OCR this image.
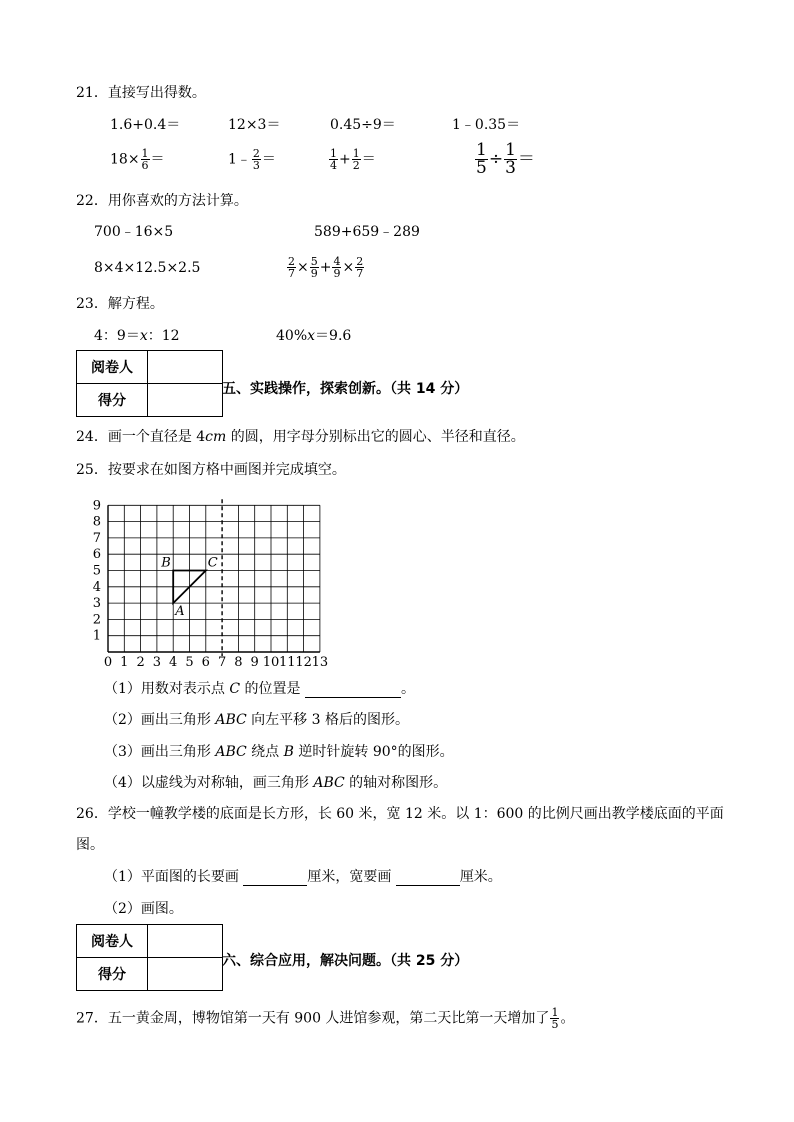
21．直接写出得数。
1.6+0.4＝	12×3＝	0.45÷9＝	1﹣0.35＝
$18\times \frac{1}{6}$ ＝	1﹣ $\frac{2}{3}$ ＝	$\frac{1}{4} + \frac{1}{2}$ ＝	$\frac{1}{5} \div \frac{1}{3}$ ＝
22．用你喜欢的方法计算。
700﹣16×5	589+659﹣289
8×4×12.5×2.5	$\frac{2}{7} \times \frac{5}{9} + \frac{4}{9} \times \frac{2}{7}$
23．解方程。
4：9＝x：12	40%x＝9.6
阅卷人	
得分	
五、实践操作，探索创新。（共 14 分）
24．画一个直径是 4cm 的圆，用字母分别标出它的圆心、半径和直径。
25．按要求在如图方格中画图并完成填空。
0 1 2 3 4 5 6 7 8 9 10 11 12 13
1
2
3
4
5
6
7
8
9
A
B	C
（1）用数对表示点 C 的位置是	。
（2）画出三角形 ABC 向左平移 3 格后的图形。
（3）画出三角形 ABC 绕点 B 逆时针旋转 90°的图形。
（4）以虚线为对称轴，画三角形 ABC 的轴对称图形。
26．学校一幢教学楼的底面是长方形，长 60 米，宽 12 米。以 1：600 的比例尺画出教学楼底面的平面
图。
（1）平面图的长要画	厘米，宽要画	厘米。
（2）画图。
阅卷人	
得分	
六、综合应用，解决问题。（共 25 分）
27．五一黄金周，博物馆第一天有 900 人进馆参观，第二天比第一天增加了 $\frac{1}{5}$ 。
